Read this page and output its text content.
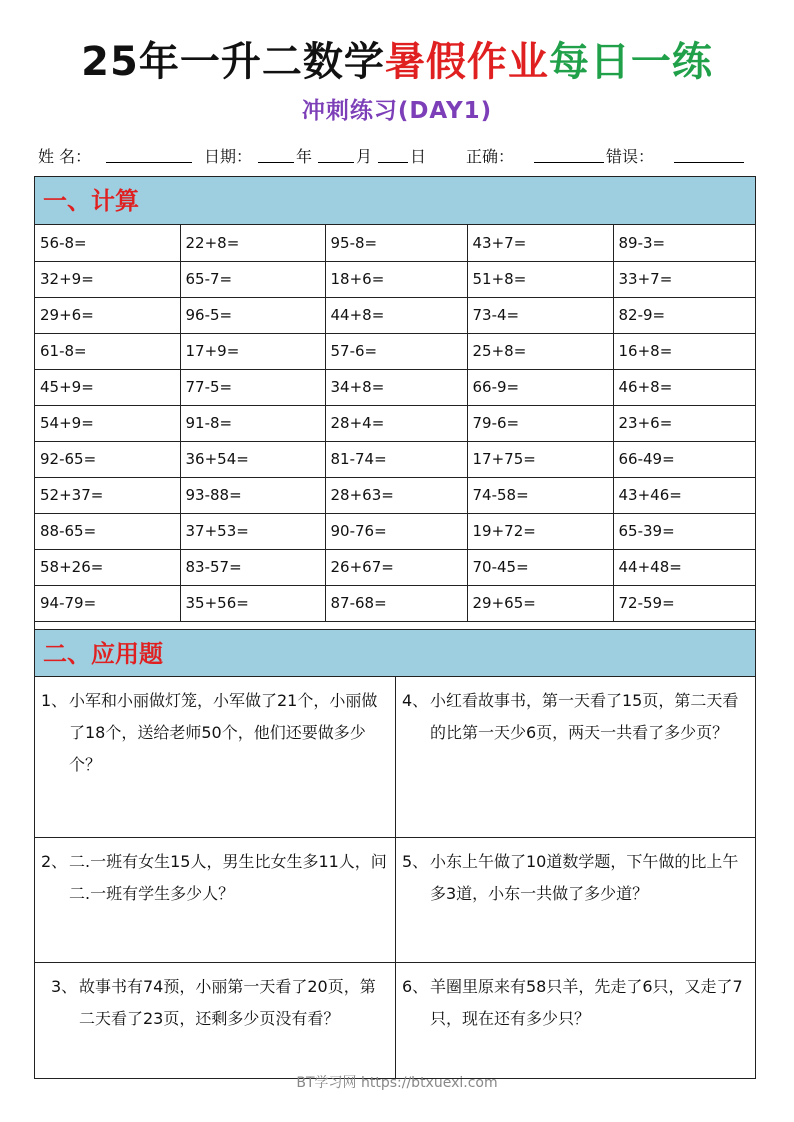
25年一升二数学暑假作业每日一练
冲刺练习(DAY1)
姓 名：	日期：	年	月 日 正确：	错误：
一、计算
56-8=	22+8=	95-8=	43+7=	89-3=
32+9=	65-7=	18+6=	51+8=	33+7=
29+6=	96-5=	44+8=	73-4=	82-9=
61-8=	17+9=	57-6=	25+8=	16+8=
45+9=	77-5=	34+8=	66-9=	46+8=
54+9=	91-8=	28+4=	79-6=	23+6=
92-65=	36+54=	81-74=	17+75=	66-49=
52+37=	93-88=	28+63=	74-58=	43+46=
88-65=	37+53=	90-76=	19+72=	65-39=
58+26=	83-57=	26+67=	70-45=	44+48=
94-79=	35+56=	87-68=	29+65=	72-59=
二、应用题
1、 小军和小丽做灯笼，小军做了21个，小丽做了18个，送给老师50个，他们还要做多少个？
4、 小红看故事书，第一天看了15页，第二天看的比第一天少6页，两天一共看了多少页？
2、 二.一班有女生15人，男生比女生多11人，问二.一班有学生多少人？
5、 小东上午做了10道数学题，下午做的比上午多3道，小东一共做了多少道？
3、 故事书有74预，小丽第一天看了20页，第二天看了23页，还剩多少页没有看？
6、 羊圈里原来有58只羊，先走了6只，又走了7只，现在还有多少只？
BT学习网 https://btxuexi.com
